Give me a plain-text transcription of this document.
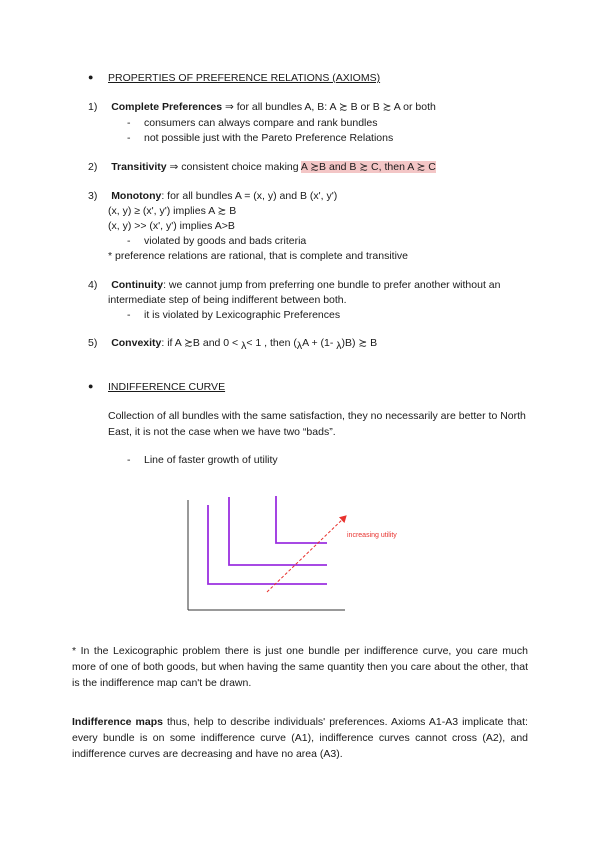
● PROPERTIES OF PREFERENCE RELATIONS (AXIOMS)
1) Complete Preferences ⇒ for all bundles A, B: A ≿ B or B ≿ A or both
- consumers can always compare and rank bundles
- not possible just with the Pareto Preference Relations
2) Transitivity ⇒ consistent choice making A ≿B and B ≿ C, then A ≿ C
3) Monotony: for all bundles A = (x, y) and B (x', y')
(x, y) ≥ (x', y') implies A ≿ B
(x, y) >> (x', y') implies A>B
- violated by goods and bads criteria
* preference relations are rational, that is complete and transitive
4) Continuity: we cannot jump from preferring one bundle to prefer another without an
intermediate step of being indifferent between both.
- it is violated by Lexicographic Preferences
5) Convexity: if A ≿B and 0 < λ< 1 , then (λA + (1- λ)B) ≿ B
● INDIFFERENCE CURVE
Collection of all bundles with the same satisfaction, they no necessarily are better to North East, it is not the case when we have two “bads”.
- Line of faster growth of utility
increasing utility
* In the Lexicographic problem there is just one bundle per indifference curve, you care much more of one of both goods, but when having the same quantity then you care about the other, that is the indifference map can't be drawn.
Indifference maps thus, help to describe individuals' preferences. Axioms A1-A3 implicate that: every bundle is on some indifference curve (A1), indifference curves cannot cross (A2), and indifference curves are decreasing and have no area (A3).
